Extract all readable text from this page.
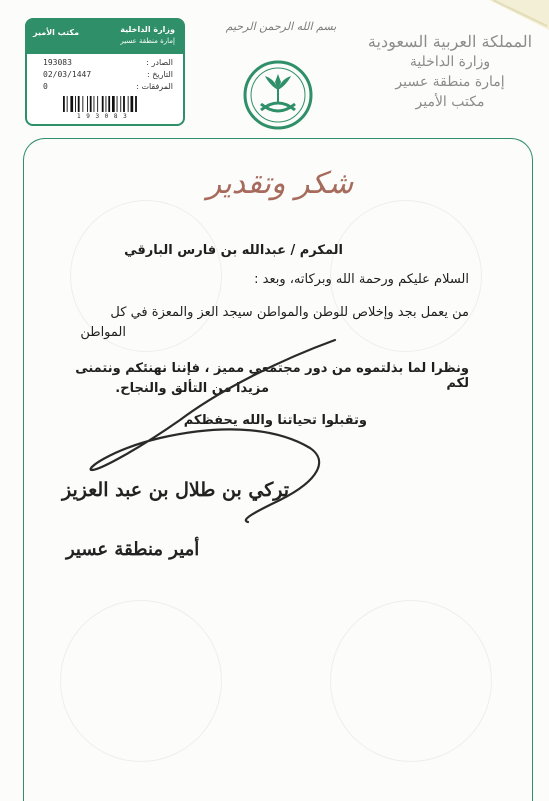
مكتب الأمير	وزارة الداخلية
إمارة منطقة عسير
الصادر :
193083
التاريخ :
02/03/1447
المرفقات :
0
1 9 3 0 8 3
بسم الله الرحمن الرحيم
المملكة العربية السعودية
وزارة الداخلية
إمارة منطقة عسير
مكتب الأمير
شكر وتقدير
المكرم / عبدالله بن فارس البارقي
السلام عليكم ورحمة الله وبركاته، وبعد :
من يعمل بجد وإخلاص للوطن والمواطن سيجد العز والمعزة في كل
المواطن
ونظرا لما بذلتموه من دور مجتمعي مميز ، فإننا نهنئكم ونتمنى لكم
مزيدا من التألق والنجاح.
وتقبلوا تحياتنا والله يحفظكم
تركي بن طلال بن عبد العزيز
أمير منطقة عسير
